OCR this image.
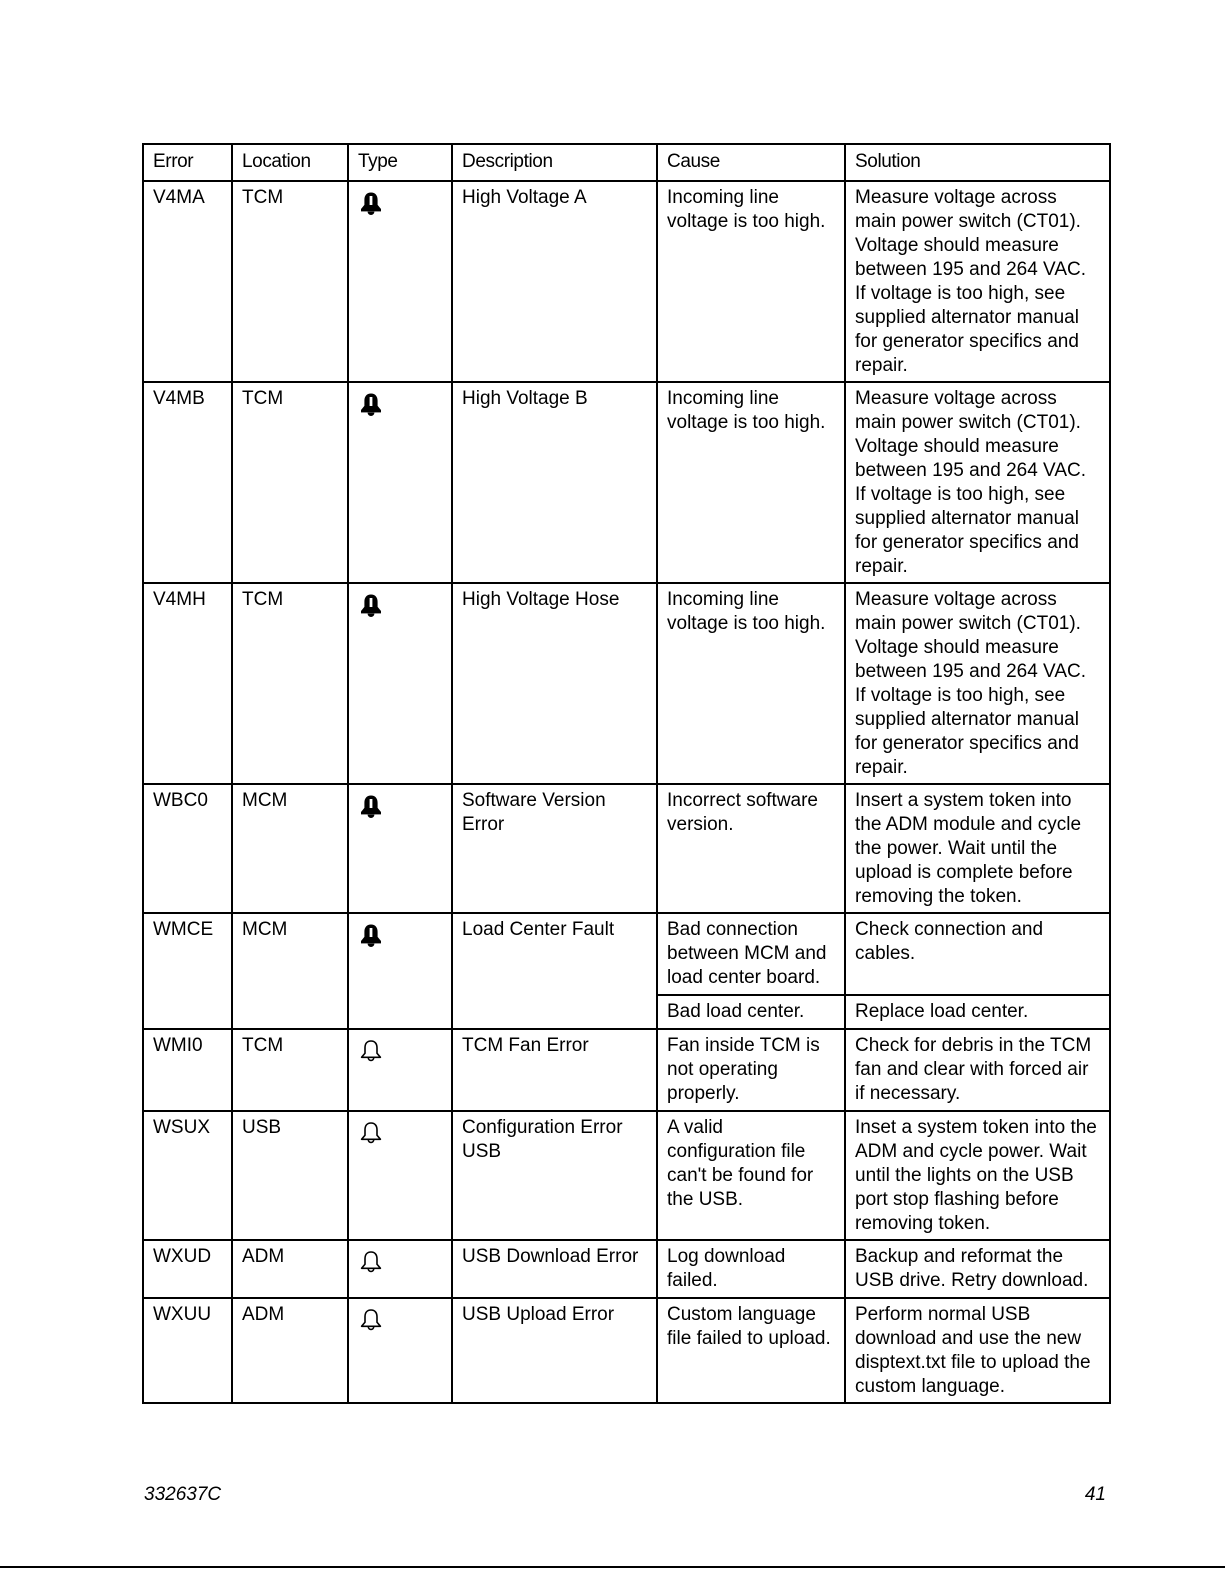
Error	Location	Type	Description	Cause	Solution
V4MA	TCM		High Voltage A	Incoming line voltage is too high.	Measure voltage across main power switch (CT01). Voltage should measure between 195 and 264 VAC. If voltage is too high, see supplied alternator manual for generator specifics and repair.
V4MB	TCM		High Voltage B	Incoming line voltage is too high.	Measure voltage across main power switch (CT01). Voltage should measure between 195 and 264 VAC. If voltage is too high, see supplied alternator manual for generator specifics and repair.
V4MH	TCM		High Voltage Hose	Incoming line voltage is too high.	Measure voltage across main power switch (CT01). Voltage should measure between 195 and 264 VAC. If voltage is too high, see supplied alternator manual for generator specifics and repair.
WBC0	MCM		Software Version Error	Incorrect software version.	Insert a system token into the ADM module and cycle the power. Wait until the upload is complete before removing the token.
WMCE	MCM		Load Center Fault	Bad connection between MCM and load center board.	Check connection and cables.
				Bad load center.	Replace load center.
WMI0	TCM		TCM Fan Error	Fan inside TCM is not operating properly.	Check for debris in the TCM fan and clear with forced air if necessary.
WSUX	USB		Configuration Error USB	A valid configuration file can't be found for the USB.	Inset a system token into the ADM and cycle power. Wait until the lights on the USB port stop flashing before removing token.
WXUD	ADM		USB Download Error	Log download failed.	Backup and reformat the USB drive. Retry download.
WXUU	ADM		USB Upload Error	Custom language file failed to upload.	Perform normal USB download and use the new disptext.txt file to upload the custom language.
332637C	41
